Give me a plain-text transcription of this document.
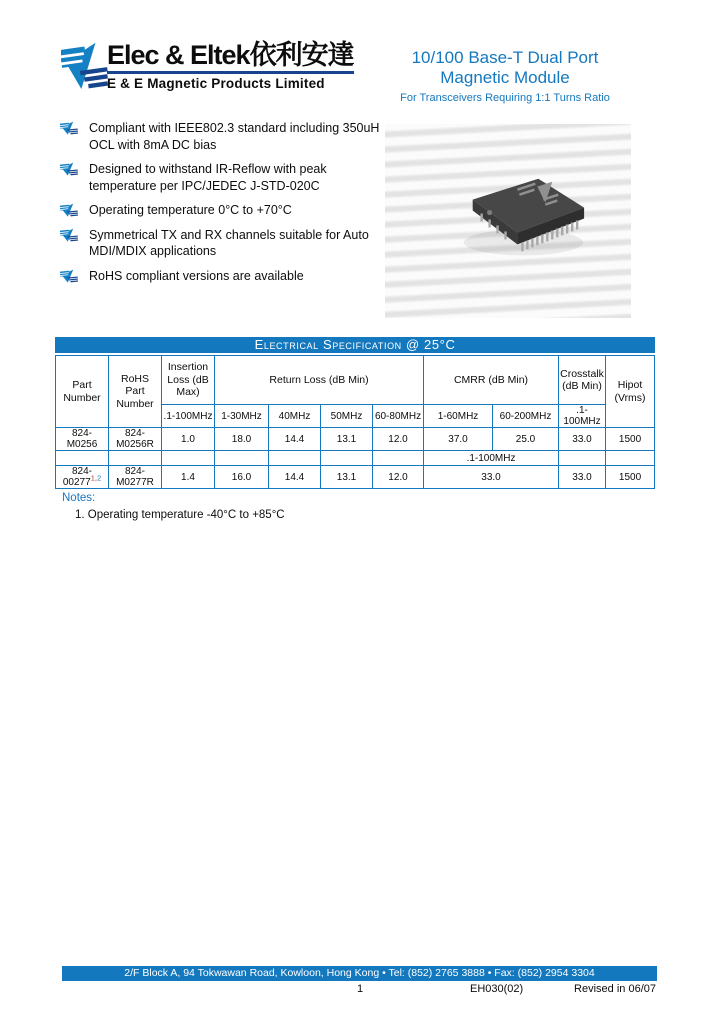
Elec & Eltek依利安達
E & E Magnetic Products Limited
10/100 Base-T Dual Port
Magnetic Module
For Transceivers Requiring 1:1 Turns Ratio
Compliant with IEEE802.3 standard including 350uH OCL with 8mA DC bias
Designed to withstand IR-Reflow with peak temperature per IPC/JEDEC J-STD-020C
Operating temperature 0°C to +70°C
Symmetrical TX and RX channels suitable for Auto MDI/MDIX applications
RoHS compliant versions are available
Electrical Specification @ 25°C
Part Number	RoHS Part Number	Insertion Loss (dB Max)	Return Loss (dB Min)				CMRR (dB Min)		Crosstalk (dB Min)	Hipot (Vrms)
		.1-100MHz	1-30MHz	40MHz	50MHz	60-80MHz	1-60MHz	60-200MHz	.1-100MHz	
824-M0256	824-M0256R	1.0	18.0	14.4	13.1	12.0	37.0	25.0	33.0	1500
							.1-100MHz			
824-00277$^{1,2}$	824-M0277R	1.4	16.0	14.4	13.1	12.0	33.0		33.0	1500
Notes:
1. Operating temperature -40°C to +85°C
2/F Block A, 94 Tokwawan Road, Kowloon, Hong Kong • Tel: (852) 2765 3888 • Fax: (852) 2954 3304
1	EH030(02)	Revised in 06/07
